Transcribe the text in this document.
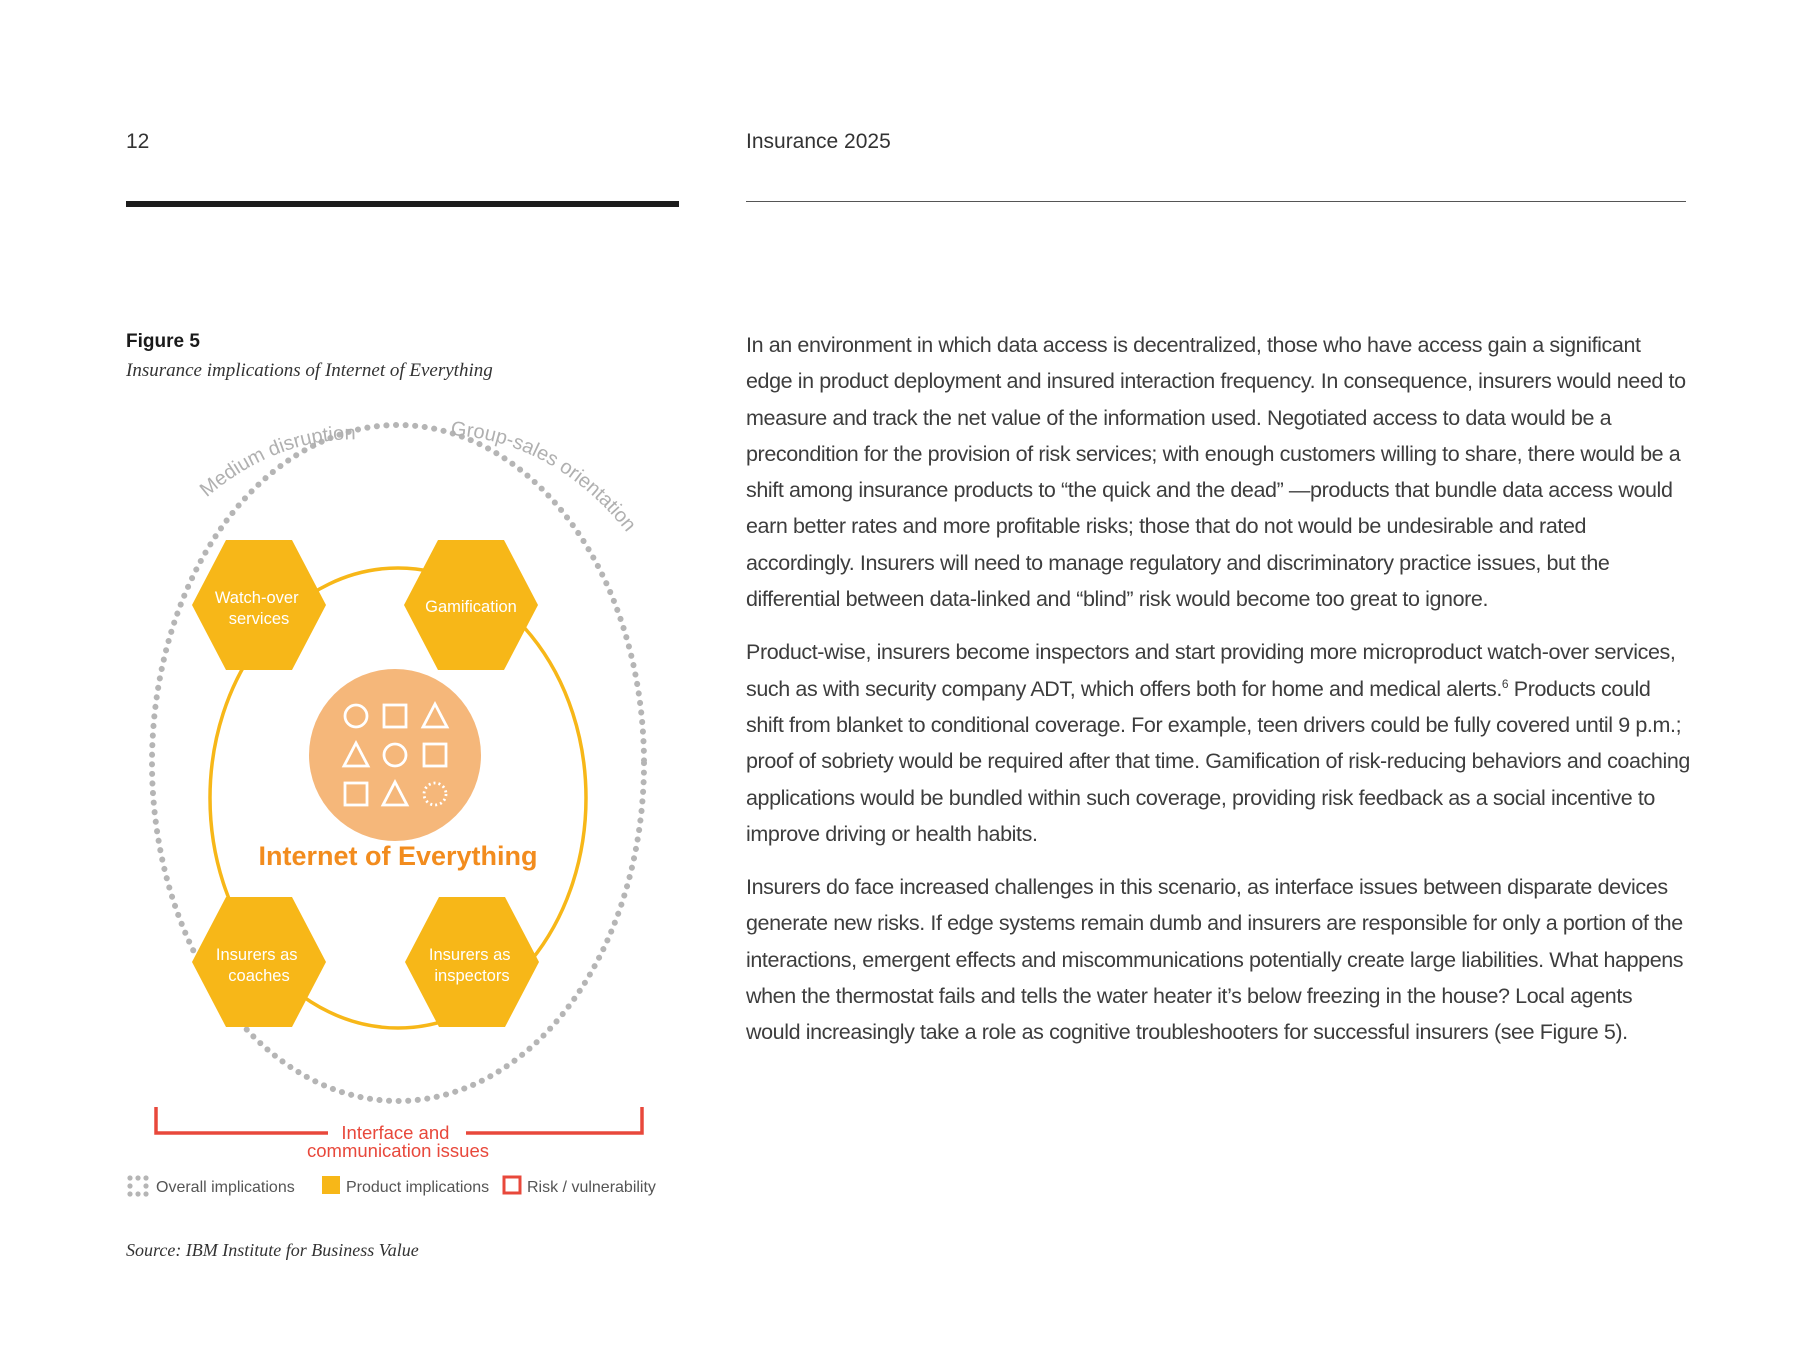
12	Insurance 2025
Figure 5
Insurance implications of Internet of Everything
Medium disruption	Group-sales orientation
Watch-over services
Gamification
Insurers as coaches
Insurers as inspectors
Internet of Everything
Interface and communication issues
Overall implications	Product implications Risk / vulnerability
Source: IBM Institute for Business Value

In an environment in which data access is decentralized, those who have access gain a significant edge in product deployment and insured interaction frequency. In consequence, insurers would need to measure and track the net value of the information used. Negotiated access to data would be a precondition for the provision of risk services; with enough customers willing to share, there would be a shift among insurance products to “the quick and the dead” —products that bundle data access would earn better rates and more profitable risks; those that do not would be undesirable and rated accordingly. Insurers will need to manage regulatory and discriminatory practice issues, but the differential between data-linked and “blind” risk would become too great to ignore.

Product-wise, insurers become inspectors and start providing more microproduct watch-over services, such as with security company ADT, which offers both for home and medical alerts.$^6$ Products could shift from blanket to conditional coverage. For example, teen drivers could be fully covered until 9 p.m.; proof of sobriety would be required after that time. Gamification of risk-reducing behaviors and coaching applications would be bundled within such coverage, providing risk feedback as a social incentive to improve driving or health habits.

Insurers do face increased challenges in this scenario, as interface issues between disparate devices generate new risks. If edge systems remain dumb and insurers are responsible for only a portion of the interactions, emergent effects and miscommunications potentially create large liabilities. What happens when the thermostat fails and tells the water heater it’s below freezing in the house? Local agents would increasingly take a role as cognitive troubleshooters for successful insurers (see Figure 5).
